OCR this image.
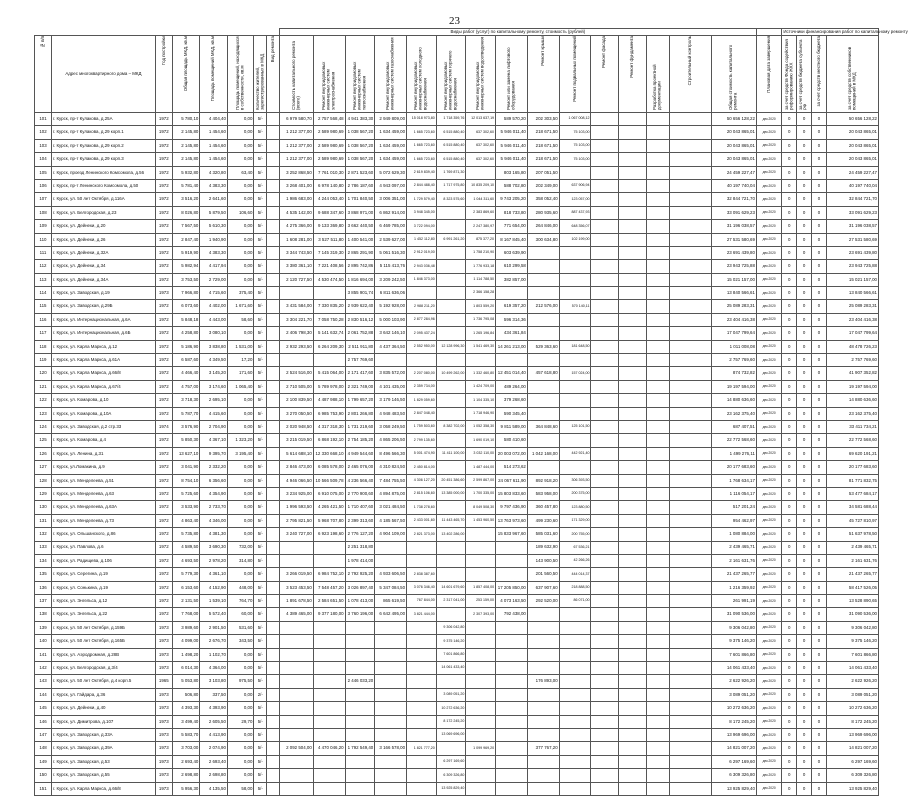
23
								Виды работ (услуг) по капитальному ремонту, стоимость (рублей)																Источники финансирования работ по капитальному ремонту			
№ п/п	Адрес многоквартирного дома – МКД	Год постройки	Общая площадь МКД, кв.м	Площадь помещений МКД, кв.м	Площадь помещений, находящихся в собственности, кв.м	Количество жителей, зарегистрированных в МКД	Вид ремонта	Стоимость капитального ремонта (всего)	Ремонт внутридомовых инженерных систем электроснабжения	Ремонт внутридомовых инженерных систем теплоснабжения	Ремонт внутридомовых инженерных систем газоснабжения	Ремонт внутридомовых инженерных систем холодного водоснабжения	Ремонт внутридомовых инженерных систем горячего водоснабжения	Ремонт внутридомовых инженерных систем водоотведения	Ремонт или замена лифтового оборудования	Ремонт крыши	Ремонт подвальных помещений	Ремонт фасада	Ремонт фундамента	Разработка проектной документации	Строительный контроль	Общая стоимость капитального ремонта	Плановая дата завершения	за счет средств Фонда содействия реформированию ЖКХ	за счет средств бюджета субъекта РФ	за счет средств местного бюджета	за счет средств собственников помещений в МКД
101	г. Курск, пр-т Кулакова, д.25А	1972	5 780,10	4 404,40	0,00	5/-		6 979 580,70	2 757 568,48	4 941 383,30	2 949 809,00	15 018 973,80	1 718 359,76	12 013 637,19	589 570,20	202 303,50	1 067 008,12					50 656 128,22	дек.2020	0	0	0	50 656 128,22
102	г. Курск, пр-т Кулакова, д.29 корп.1	1972	2 145,80	1 454,60	0,00	5/-		1 212 377,00	2 589 980,69	1 038 567,20	1 634 459,00	1 665 723,60	6 515 880,40	637 302,60	5 946 011,40	218 671,50	75 103,00					20 043 865,01	дек.2020	0	0	0	20 043 865,01
103	г. Курск, пр-т Кулакова, д.29 корп.2	1972	2 145,80	1 454,60	0,00	5/-		1 212 377,00	2 589 980,69	1 038 567,20	1 634 459,00	1 665 723,60	6 515 880,40	637 302,60	5 946 011,40	218 671,50	75 103,00					20 043 865,01	дек.2020	0	0	0	20 043 865,01
104	г. Курск, пр-т Кулакова, д.29 корп.3	1972	2 145,80	1 454,60	0,00	5/-		1 212 377,00	2 589 980,69	1 038 567,20	1 634 459,00	1 665 723,60	6 515 880,40	637 302,60	5 946 011,40	218 671,50	75 103,00					20 043 865,01	дек.2020	0	0	0	20 043 865,01
105	г. Курск, проезд Ленинского Комсомола, д.56	1972	5 932,80	4 320,80	63,40	5/-		3 252 868,50	7 761 010,30	2 871 523,60	5 072 629,30	2 619 839,40	1 769 871,30		803 165,80	207 051,50						24 459 227,47	дек.2020	0	0	0	24 459 227,47
106	г. Курск, пр-т Ленинского Комсомола, д.50	1972	5 781,40	4 383,30	0,00	5/-		3 268 401,00	6 978 140,80	2 786 187,60	4 943 097,00	2 844 488,40	1 717 975,80	10 835 209,10	588 702,80	202 349,00	637 906,94					40 197 740,04	дек.2020	0	0	0	40 197 740,04
107	г. Курск, ул. 50 лет Октября, д.116А	1972	3 516,20	2 641,60	0,00	5/-		1 986 683,00	4 244 053,40	1 701 840,50	3 006 351,00	1 729 579,40	8 323 575,60	1 044 311,60	9 743 205,20	358 052,40	123 057,00					32 844 721,70	дек.2020	0	0	0	32 844 721,70
108	г. Курск, ул. Белгородская, д.23	1972	8 026,80	5 879,50	106,60	5/-		4 535 142,00	9 688 347,60	3 868 971,00	6 862 914,00	3 948 345,00		2 383 869,60	818 733,80	280 935,60	887 437,93					33 091 629,23	дек.2020	0	0	0	33 091 629,23
109	г. Курск, ул. Дейнеки, д.20	1972	7 567,50	5 610,30	0,00	5/-		4 275 366,00	9 133 369,80	3 662 440,50	6 469 785,00	3 722 094,00		2 247 380,97	771 654,00	264 846,00	648 356,07					31 196 038,57	дек.2020	0	0	0	31 196 038,57
110	г. Курск, ул. Дейнеки, д.26	1972	2 847,40	1 940,90	0,00	5/-		1 608 281,00	3 527 511,80	1 400 541,00	2 539 627,00	1 452 112,80	6 991 261,20	875 377,20	8 167 845,40	300 634,80	102 199,00					27 531 580,69	дек.2020	0	0	0	27 531 580,69
111	г. Курск, ул. Дейнеки, д.32А	1972	5 919,90	4 383,30	0,00	5/-		3 344 743,50	7 145 319,30	2 865 291,90	5 061 516,30	2 912 019,00		1 758 210,90	603 639,90							23 691 439,80	дек.2020	0	0	0	23 691 439,80
112	г. Курск, ул. Дейнеки, д.34	1972	5 982,94	4 417,94	0,00	5/-		3 380 361,10	7 221 408,56	2 895 742,86	5 115 413,76	2 943 036,48		1 776 933,18	610 299,58							23 943 725,88	дек.2020	0	0	0	23 943 725,88
113	г. Курск, ул. Дейнеки, д.34А	1972	3 753,50	2 729,00	0,00	5/-		2 120 727,50	4 530 474,50	1 816 694,00	3 209 242,50	1 846 373,00		1 114 788,50	382 857,00							15 021 157,00	дек.2020	0	0	0	15 021 157,00
114	г. Курск, ул. Заводская, д.19	1973	7 966,80	4 715,60	375,40	5/-				3 855 901,74	6 811 636,06			2 366 158,28								13 840 566,61	дек.2020	0	0	0	13 840 566,61
115	г. Курск, ул. Заводская, д.29Б	1972	6 073,60	4 402,00	1 671,60	5/-		3 431 584,00	7 330 835,20	2 939 622,40	5 192 928,00	2 988 211,20		1 803 559,20	619 357,20	212 576,00	570 140,11					25 089 283,31	дек.2020	0	0	0	25 089 283,31
116	г. Курск, ул. Интернациональная, д.6А	1972	5 848,18	4 443,00	58,60	5/-		3 304 221,70	7 058 750,28	2 830 516,12	5 000 103,90	2 877 284,96		1 736 795,08	596 314,36							23 404 416,38	дек.2020	0	0	0	23 404 416,38
117	г. Курск, ул. Интернациональная, д.6Б	1972	4 258,80	3 080,10	0,00	5/-		2 406 798,30	5 141 632,74	2 061 752,88	3 642 146,10	2 095 437,24		1 265 196,84	434 361,84							17 047 799,64	дек.2020	0	0	0	17 047 799,64
118	г. Курск, ул. Карла Маркса, д.12	1972	5 186,90	3 838,80	1 531,00	5/-		2 932 293,50	6 264 209,30	2 511 911,80	4 437 364,50	2 552 950,00	12 128 996,30	1 541 469,30	14 261 213,00	529 363,60	181 648,50					1 011 008,08	дек.2020	0	0	0	48 478 726,23
119	г. Курск, ул. Карла Маркса, д.61А	1972	6 587,60	4 349,50	17,20	5/-				2 757 769,60												2 757 769,60	дек.2020	0	0	0	2 757 769,60
120	г. Курск, ул. Карла Маркса, д.66/8	1972	4 466,40	3 145,20	171,60	5/-		2 524 516,00	5 415 064,00	2 171 417,60	3 835 572,00	2 207 080,00	10 499 262,00	1 332 460,80	12 451 014,40	457 618,80	157 024,00					874 732,82	дек.2020	0	0	0	41 907 352,82
121	г. Курск, ул. Карла Маркса, д.67/4	1972	4 757,00	3 174,60	1 065,40	5/-		2 710 505,00	5 789 978,00	2 321 749,00	4 101 435,00	2 359 734,00		1 424 709,00	489 264,00							19 197 594,00	дек.2020	0	0	0	19 197 594,00
122	г. Курск, ул. Комарова, д.10	1972	3 718,30	2 695,10	0,00	5/-		2 100 839,50	4 487 988,10	1 799 657,20	3 179 146,50	1 829 059,60		1 104 335,10	379 268,60							14 880 636,60	дек.2020	0	0	0	14 880 636,60
123	г. Курск, ул. Комарова, д.10А	1972	5 787,70	4 415,60	0,00	5/-		3 270 050,50	6 985 753,90	2 801 266,80	4 948 483,50	2 847 048,40		1 718 946,90	590 345,40							23 162 375,40	дек.2020	0	0	0	23 162 375,40
124	г. Курск, ул. Заводская, д.2 стр.33	1974	3 576,90	2 704,90	0,00	5/-		2 020 948,50	4 317 318,30	1 731 219,60	3 058 249,50	1 759 503,60	8 382 702,00	1 052 358,30	9 811 589,00	364 848,60	125 101,50					687 407,51	дек.2020	0	0	0	33 411 734,21
125	г. Курск, ул. Комарова, д.4	1972	5 850,30	4 367,10	1 323,20	5/-		3 215 019,50	6 868 192,10	2 754 185,20	4 865 206,50	2 799 135,60		1 690 019,10	580 410,60							22 772 568,60	дек.2020	0	0	0	22 772 568,60
126	г. Курск, ул. Ленина, д.31	1972	13 627,10	9 395,70	3 195,40	5/-		5 614 688,10	12 330 668,10	4 949 544,60	8 496 566,30	5 001 474,90	11 411 100,00	3 032 110,00	20 003 072,00	1 042 168,00	442 921,40					1 499 276,11	дек.2020	0	0	0	69 620 191,21
127	г. Курск, ул.Ломакина, д.9	1972	3 041,90	2 332,20	0,00	5/-		2 846 473,00	6 085 578,00	2 465 076,00	4 310 824,50	2 450 814,00		1 487 444,00	514 273,62							20 177 683,60	дек.2020	0	0	0	20 177 683,60
128	г. Курск, ул. Менделеева, д.51	1972	8 754,10	6 356,60	0,00	5/-		4 946 066,50	10 566 509,78	4 236 566,40	7 484 755,50	4 306 127,20	20 451 386,60	2 599 867,00	24 067 611,90	892 918,20	306 393,50					1 768 634,17	дек.2020	0	0	0	81 771 832,75
129	г. Курск, ул. Менделеева, д.63	1972	5 725,60	4 354,90	0,00	5/-		3 234 925,00	6 910 075,00	2 770 900,60	4 894 875,00	2 815 106,60	13 385 000,00	1 700 335,00	15 803 833,60	583 958,00	200 375,00					1 116 054,17	дек.2020	0	0	0	53 477 684,17
130	г. Курск, ул. Менделеева, д.63А	1972	3 533,90	2 733,70	0,00	5/-		1 996 593,50	4 265 421,50	1 710 407,60	3 021 484,50	1 738 278,60		8 049 508,30	9 797 436,90	360 457,80	123 880,50					517 201,24	дек.2020	0	0	0	34 581 688,44
131	г. Курск, ул. Менделеева, д.73	1972	4 863,40	4 346,00	0,00	5/-		2 795 821,50	5 968 707,80	2 399 313,60	4 185 567,50	2 433 001,60	11 443 465,70	1 453 960,50	13 763 973,60	499 230,60	171 329,00					954 462,97	дек.2020	0	0	0	45 727 810,97
132	г. Курск, ул. Ольшанского, д.86	1972	5 735,80	4 381,30	0,00	5/-		3 240 727,00	6 923 198,60	2 776 127,20	4 904 109,00	2 821 373,00	13 402 286,00		15 833 967,60	585 031,60	200 755,00					1 080 884,00	дек.2020	0	0	0	51 637 978,50
133	г. Курск, ул. Павлова, д.6	1972	4 589,50	3 690,30	732,00	5/-				2 251 318,80						189 632,90	67 536,21					2 439 465,71	дек.2020	0	0	0	2 439 465,71
134	г. Курск, ул. Радищева, д.106	1972	4 693,50	2 978,20	314,80	5/-				1 978 414,00						143 900,50	42 266,26					2 161 631,76	дек.2020	0	0	0	2 161 631,76
135	г. Курск, ул. Серегина, д.19	1972	5 779,30	4 361,10	0,00	5/-		3 266 019,50	6 984 752,10	2 792 925,20	4 933 606,50	2 838 387,60				201 560,50	444 014,37					21 437 265,77	дек.2020	0	0	0	21 437 265,77
136	г. Курск, ул. Сонькина, д.19	1972	6 153,60	4 152,90	448,00	5/-		3 523 453,50	7 548 457,20	3 026 897,40	5 347 084,50	3 076 346,40	14 601 679,60	1 857 408,00	17 205 850,00	637 907,60	218 888,50					1 216 359,92	дек.2020	0	0	0	58 417 526,05
137	г. Курск, ул. Энгельса, д.12	1972	2 131,50	1 539,10	764,70	5/-		1 891 678,50	2 584 651,50	1 078 413,00	865 619,50	767 844,00	2 317 041,00	253 159,00	4 073 163,50	292 520,00	86 071,00					261 991,19	дек.2020	0	0	0	13 528 890,65
138	г. Курск, ул. Энгельса, д.22	1972	7 768,00	5 572,40	60,00	5/-		4 389 465,00	9 377 180,00	3 760 196,00	6 642 495,00	3 821 444,00		2 307 393,00	792 438,00							31 090 536,00	дек.2020	0	0	0	31 090 536,00
139	г. Курск, ул. 50 лет Октября, д.159Б	1973	3 989,60	2 901,50	531,60	5/-							9 306 042,80									9 306 042,80	дек.2020	0	0	0	9 306 042,80
140	г. Курск, ул. 50 лет Октября, д.165Б	1973	4 099,00	2 676,70	343,50	5/-							9 375 146,20									9 375 146,20	дек.2020	0	0	0	9 375 146,20
141	г. Курск, ул. Аэродромная, д.28В	1973	1 498,20	1 102,70	0,00	5/-							7 601 866,80									7 601 866,80	дек.2020	0	0	0	7 601 866,80
142	г. Курск, ул. Белгородская, д.3/4	1973	6 014,30	4 364,00	0,00	5/-							14 061 433,40									14 061 433,40	дек.2020	0	0	0	14 061 433,40
143	г. Курск, ул. 50 лет Октября, д.4 корп.5	1965	5 053,80	3 103,80	975,50	5/-				2 446 033,20						176 893,00						2 622 926,20	дек.2020	0	0	0	2 622 926,20
144	г. Курск, ул. Гайдара, д.36	1973	506,80	337,50	0,00	2/-							3 089 051,20									3 089 051,20	дек.2020	0	0	0	3 089 051,20
145	г. Курск, ул. Дейнеки, д.40	1973	4 393,30	4 393,90	0,00	5/-							10 272 636,20									10 272 636,20	дек.2020	0	0	0	10 272 636,20
146	г. Курск, ул. Димитрова, д.107	1973	3 499,40	2 605,50	29,70	5/-							8 172 245,20									8 172 245,20	дек.2020	0	0	0	8 172 245,20
147	г. Курск, ул. Заводская, д.33А	1973	5 583,70	4 413,90	0,00	5/-							13 069 696,00									13 969 696,00	дек.2020	0	0	0	13 969 696,00
148	г. Курск, ул. Заводская, д.39А	1973	3 703,00	2 074,90	0,00	5/-		2 092 504,00	4 470 046,20	1 792 549,40	3 166 578,00	1 821 777,20		1 099 969,20		377 767,20						14 821 007,20	дек.2020	0	0	0	14 821 007,20
149	г. Курск, ул. Заводская, д.53	1973	2 693,40	2 693,40	0,00	5/-							6 297 169,60									6 297 169,60	дек.2020	0	0	0	6 297 169,60
150	г. Курск, ул. Заводская, д.55	1973	2 698,80	2 698,80	0,00	5/-							6 309 326,80									6 309 326,80	дек.2020	0	0	0	6 309 326,80
151	г. Курск, ул. Карла Маркса, д.66/8	1973	5 956,30	4 135,50	58,00	5/-							13 925 829,40									13 925 829,40	дек.2020	0	0	0	13 925 829,40
